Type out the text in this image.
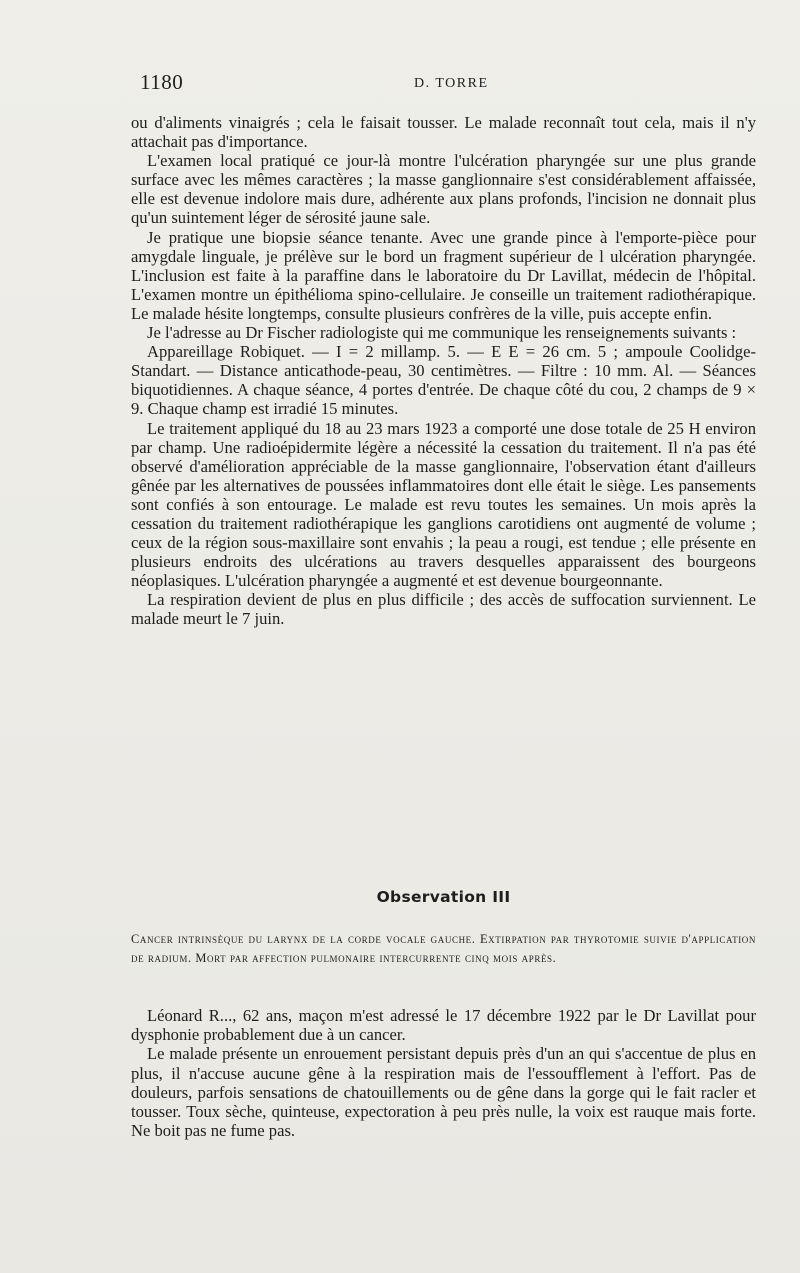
1180	D. TORRE

ou d'aliments vinaigrés ; cela le faisait tousser. Le malade reconnaît tout cela, mais il n'y attachait pas d'importance.

L'examen local pratiqué ce jour-là montre l'ulcération pharyngée sur une plus grande surface avec les mêmes caractères ; la masse ganglionnaire s'est considérablement affaissée, elle est devenue indolore mais dure, adhérente aux plans profonds, l'incision ne donnait plus qu'un suintement léger de sérosité jaune sale.

Je pratique une biopsie séance tenante. Avec une grande pince à l'emporte-pièce pour amygdale linguale, je prélève sur le bord un fragment supérieur de l ulcération pharyngée. L'inclusion est faite à la paraffine dans le laboratoire du Dr Lavillat, médecin de l'hôpital. L'examen montre un épithélioma spino-cellulaire. Je conseille un traitement radiothérapique. Le malade hésite longtemps, consulte plusieurs confrères de la ville, puis accepte enfin.

Je l'adresse au Dr Fischer radiologiste qui me communique les renseignements suivants :

Appareillage Robiquet. — I = 2 millamp. 5. — E E = 26 cm. 5 ; ampoule Coolidge-Standart. — Distance anticathode-peau, 30 centimètres. — Filtre : 10 mm. Al. — Séances biquotidiennes. A chaque séance, 4 portes d'entrée. De chaque côté du cou, 2 champs de 9 × 9. Chaque champ est irradié 15 minutes.

Le traitement appliqué du 18 au 23 mars 1923 a comporté une dose totale de 25 H environ par champ. Une radioépidermite légère a nécessité la cessation du traitement. Il n'a pas été observé d'amélioration appréciable de la masse ganglionnaire, l'observation étant d'ailleurs gênée par les alternatives de poussées inflammatoires dont elle était le siège. Les pansements sont confiés à son entourage. Le malade est revu toutes les semaines. Un mois après la cessation du traitement radiothérapique les ganglions carotidiens ont augmenté de volume ; ceux de la région sous-maxillaire sont envahis ; la peau a rougi, est tendue ; elle présente en plusieurs endroits des ulcérations au travers desquelles apparaissent des bourgeons néoplasiques. L'ulcération pharyngée a augmenté et est devenue bourgeonnante.

La respiration devient de plus en plus difficile ; des accès de suffocation surviennent. Le malade meurt le 7 juin.

Observation III
Cancer intrinsèque du larynx de la corde vocale gauche. Extirpation par thyrotomie suivie d'application de radium. Mort par affection pulmonaire intercurrente cinq mois après.

Léonard R..., 62 ans, maçon m'est adressé le 17 décembre 1922 par le Dr Lavillat pour dysphonie probablement due à un cancer.

Le malade présente un enrouement persistant depuis près d'un an qui s'accentue de plus en plus, il n'accuse aucune gêne à la respiration mais de l'essoufflement à l'effort. Pas de douleurs, parfois sensations de chatouillements ou de gêne dans la gorge qui le fait racler et tousser. Toux sèche, quinteuse, expectoration à peu près nulle, la voix est rauque mais forte. Ne boit pas ne fume pas.
